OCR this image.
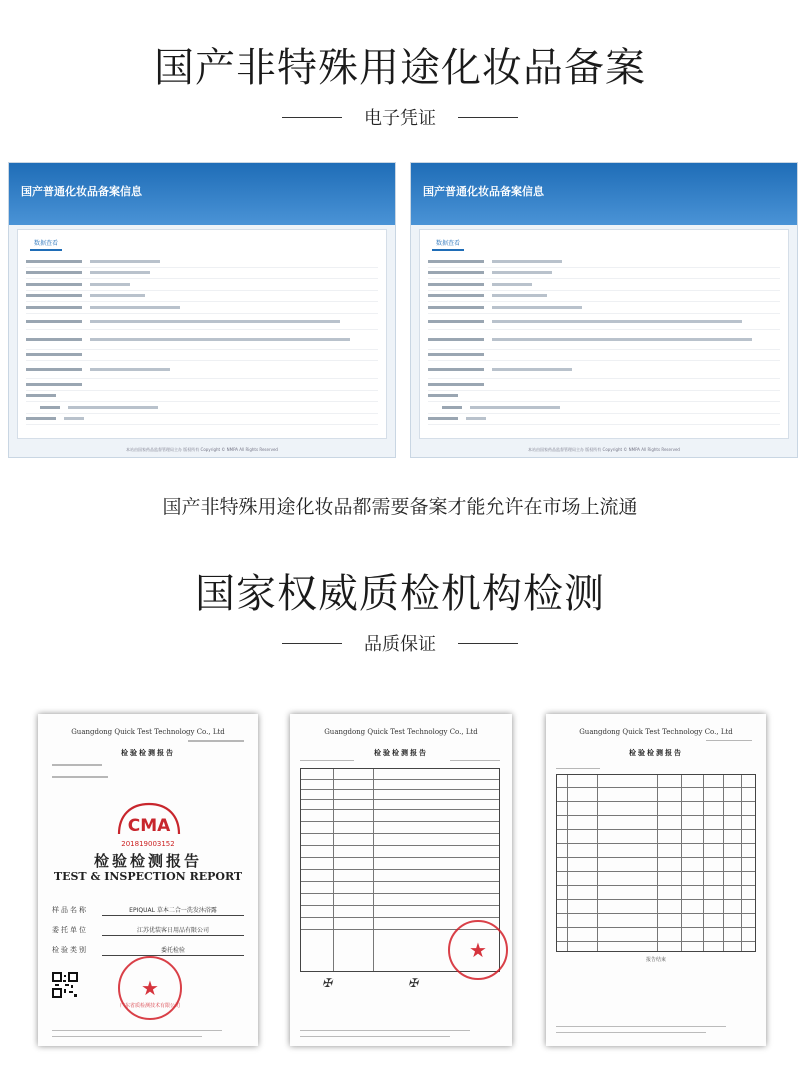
国产非特殊用途化妆品备案
电子凭证
国产普通化妆品备案信息
数据查看
本站由国家药品监督管理局主办 版权所有 Copyright © NMPA All Rights Reserved
国产普通化妆品备案信息
数据查看
本站由国家药品监督管理局主办 版权所有 Copyright © NMPA All Rights Reserved
国产非特殊用途化妆品都需要备案才能允许在市场上流通
国家权威质检机构检测
品质保证
Guangdong Quick Test Technology Co., Ltd
检验检测报告
CMA
201819003152
检验检测报告
TEST & INSPECTION REPORT
样品名称	EPIQUAL 草本二合一洗发沐浴露
委托单位	江苏优装客日用品有限公司
检验类别	委托检验
★
广东省质检测技术有限公司
Guangdong Quick Test Technology Co., Ltd
检验检测报告
★
✠	✠
Guangdong Quick Test Technology Co., Ltd
检验检测报告
报告结束
